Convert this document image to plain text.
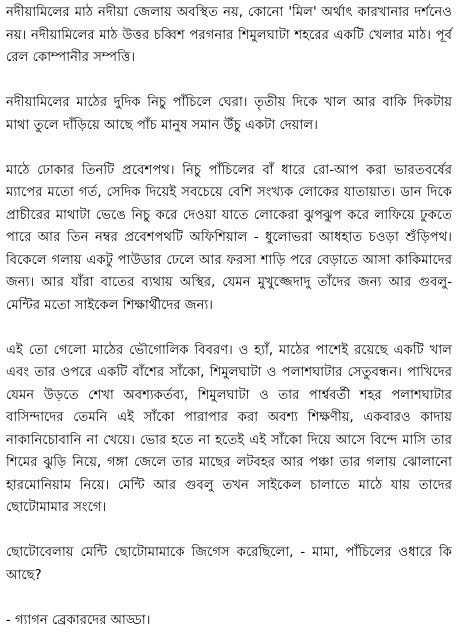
নদীয়ামিলের মাঠ নদীয়া জেলায় অবস্থিত নয়, কোনো 'মিল' অর্থাৎ কারখানার দর্শনেও নয়। নদীয়ামিলের মাঠ উত্তর চব্বিশ পরগনার শিমুলঘাটা শহরের একটি খেলার মাঠ। পূর্ব রেল কোম্পানীর সম্পত্তি।

নদীয়ামিলের মাঠের দুদিক নিচু পাঁচিলে ঘেরা। তৃতীয় দিকে খাল আর বাকি দিকটায় মাথা তুলে দাঁড়িয়ে আছে পাঁচ মানুষ সমান উঁচু একটা দেয়াল।

মাঠে ঢোকার তিনটি প্রবেশপথ। নিচু পাঁচিলের বাঁ ধারে রো-আপ করা ভারতবর্ষের ম্যাপের মতো গর্ত, সেদিক দিয়েই সবচেয়ে বেশি সংখ্যক লোকের যাতায়াত। ডান দিকে প্রাচীরের মাথাটা ভেঙে নিচু করে দেওয়া যাতে লোকেরা ঝুপঝুপ করে লাফিয়ে ঢুকতে পারে আর তিন নম্বর প্রবেশপথটি অফিশিয়াল - ধুলোভরা আধহাত চওড়া শুঁড়িপথ। বিকেলে গলায় একটু পাউডার ঢেলে আর ফরসা শাড়ি পরে বেড়াতে আসা কাকিমাদের জন্য। আর যাঁরা বাতের ব্যথায় অস্থির, যেমন মুখুজ্জেদাদু তাঁদের জন্য আর গুবলু-মেন্টির মতো সাইকেল শিক্ষার্থীদের জন্য।

এই তো গেলো মাঠের ভৌগোলিক বিবরণ। ও হ্যাঁ, মাঠের পাশেই রয়েছে একটি খাল এবং তার ওপরে একটি বাঁশের সাঁকো, শিমুলঘাটা ও পলাশঘাটার সেতুবন্ধন। পাখিদের যেমন উড়তে শেখা অবশ্যকর্তব্য, শিমুলঘাটা ও তার পার্শ্ববর্তী শহর পলাশঘাটার বাসিন্দাদের তেমনি এই সাঁকো পারাপার করা অবশ্য শিক্ষণীয়, একবারও কাদায় নাকানিচোবানি না খেয়ে। ভোর হতে না হতেই এই সাঁকো দিয়ে আসে বিন্দে মাসি তার শিমের ঝুড়ি নিয়ে, গঙ্গা জেলে তার মাছের লটবহর আর পঞ্চা তার গলায় ঝোলানো হারমোনিয়াম নিয়ে। মেন্টি আর গুবলু তখন সাইকেল চালাতে মাঠে যায় তাদের ছোটোমামার সংগে।

ছোটোবেলায় মেন্টি ছোটোমামাকে জিগেস করেছিলো, - মামা, পাঁচিলের ওধারে কি আছে?

- গ্যাগন ব্রেকারদের আড্ডা।
